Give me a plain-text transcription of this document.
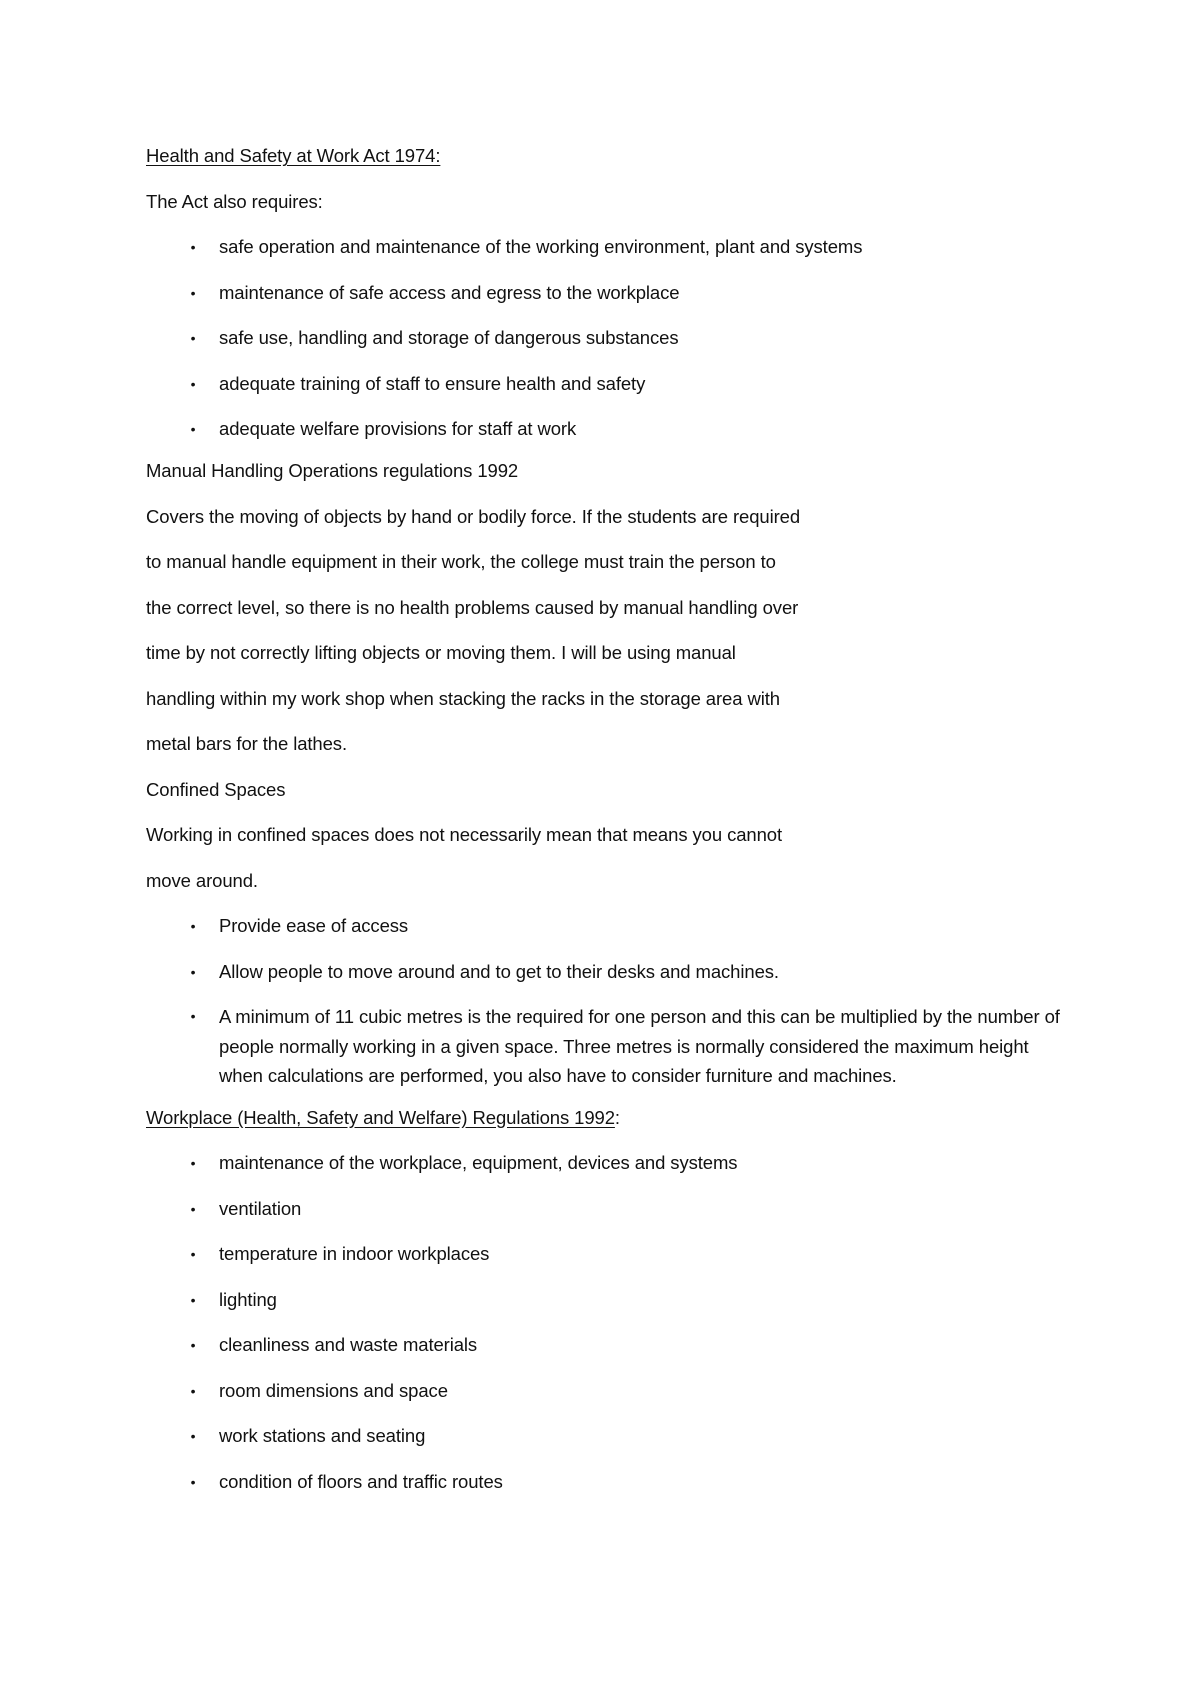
Health and Safety at Work Act 1974:

The Act also requires:

• safe operation and maintenance of the working environment, plant and systems
• maintenance of safe access and egress to the workplace
• safe use, handling and storage of dangerous substances
• adequate training of staff to ensure health and safety
• adequate welfare provisions for staff at work

Manual Handling Operations regulations 1992

Covers the moving of objects by hand or bodily force. If the students are required

to manual handle equipment in their work, the college must train the person to

the correct level, so there is no health problems caused by manual handling over

time by not correctly lifting objects or moving them. I will be using manual

handling within my work shop when stacking the racks in the storage area with

metal bars for the lathes.

Confined Spaces

Working in confined spaces does not necessarily mean that means you cannot

move around.

• Provide ease of access
• Allow people to move around and to get to their desks and machines.
• A minimum of 11 cubic metres is the required for one person and this can be multiplied by the number of people normally working in a given space. Three metres is normally considered the maximum height when calculations are performed, you also have to consider furniture and machines.

Workplace (Health, Safety and Welfare) Regulations 1992:

• maintenance of the workplace, equipment, devices and systems
• ventilation
• temperature in indoor workplaces
• lighting
• cleanliness and waste materials
• room dimensions and space
• work stations and seating
• condition of floors and traffic routes
